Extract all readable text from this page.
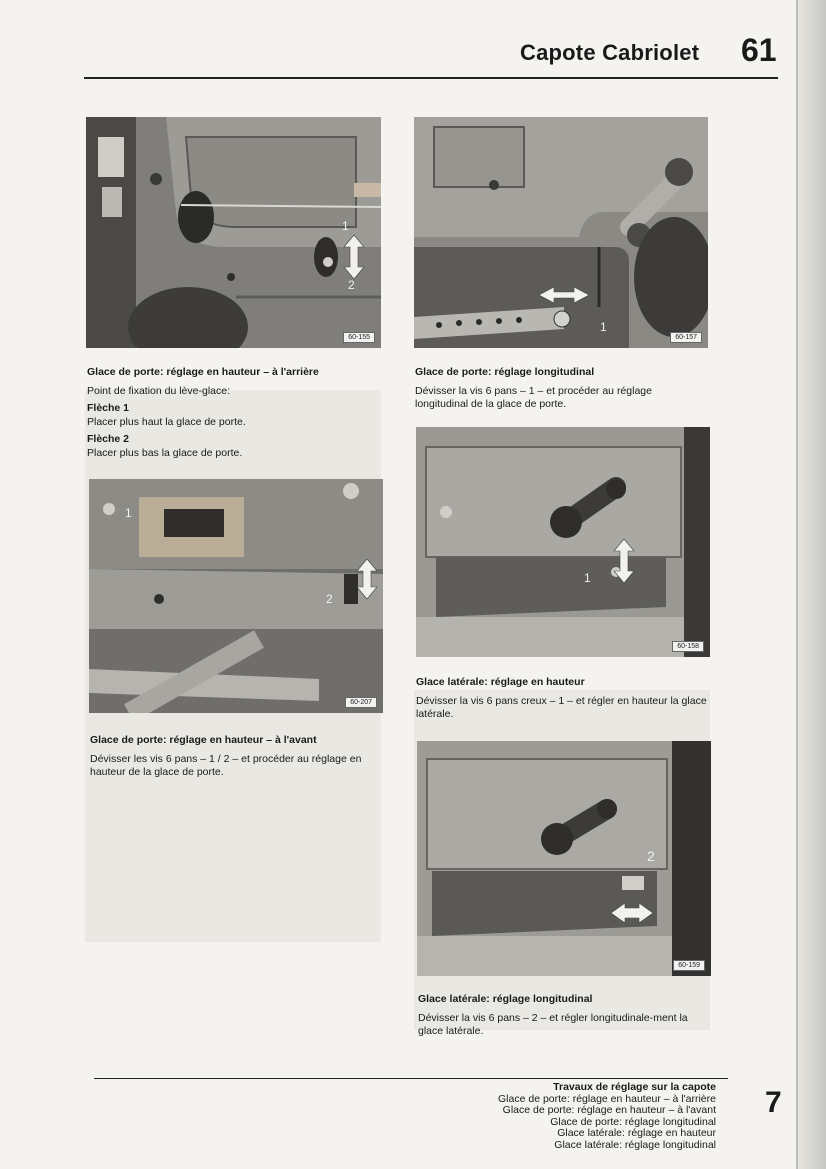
Capote Cabriolet 61
1
2
60-155
Glace de porte: réglage en hauteur – à l'arrière
Point de fixation du lève-glace:
Flèche 1
Placer plus haut la glace de porte.
Flèche 2
Placer plus bas la glace de porte.
1
60-157
Glace de porte: réglage longitudinal
Dévisser la vis 6 pans – 1 – et procéder au réglage longitudinal de la glace de porte.
1
2
60-207
Glace de porte: réglage en hauteur – à l'avant
Dévisser les vis 6 pans – 1 / 2 – et procéder au réglage en hauteur de la glace de porte.
1
60-158
Glace latérale: réglage en hauteur
Dévisser la vis 6 pans creux – 1 – et régler en hauteur la glace latérale.
2
60-159
Glace latérale: réglage longitudinal
Dévisser la vis 6 pans – 2 – et régler longitudinale-ment la glace latérale.
Travaux de réglage sur la capote
Glace de porte: réglage en hauteur – à l'arrière
Glace de porte: réglage en hauteur – à l'avant
Glace de porte: réglage longitudinal
Glace latérale: réglage en hauteur
Glace latérale: réglage longitudinal
7
